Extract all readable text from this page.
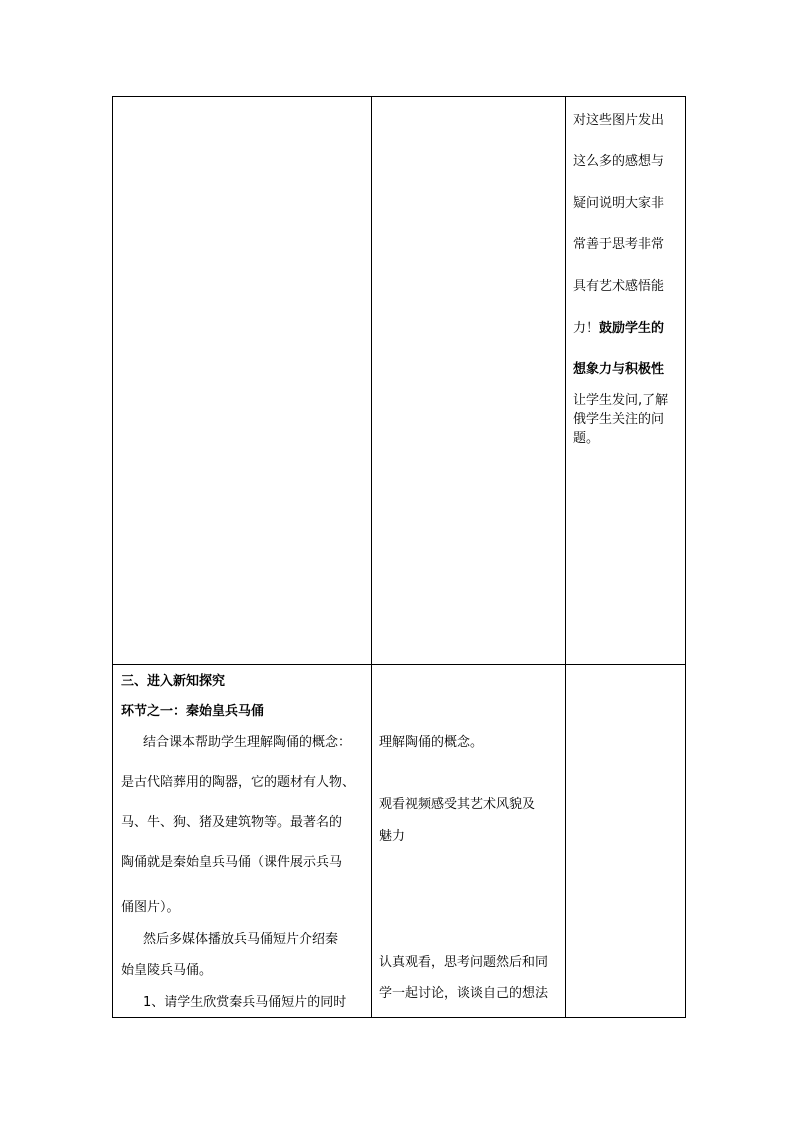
对这些图片发出
这么多的感想与
疑问说明大家非
常善于思考非常
具有艺术感悟能
力！鼓励学生的
想象力与积极性
让学生发问,了解俄学生关注的问题。
三、进入新知探究
环节之一：秦始皇兵马俑
结合课本帮助学生理解陶俑的概念：
是古代陪葬用的陶器，它的题材有人物、
马、牛、狗、猪及建筑物等。最著名的
陶俑就是秦始皇兵马俑（课件展示兵马
俑图片）。
然后多媒体播放兵马俑短片介绍秦
始皇陵兵马俑。
1、请学生欣赏秦兵马俑短片的同时
理解陶俑的概念。
观看视频感受其艺术风貌及
魅力
认真观看，思考问题然后和同
学一起讨论，谈谈自己的想法
